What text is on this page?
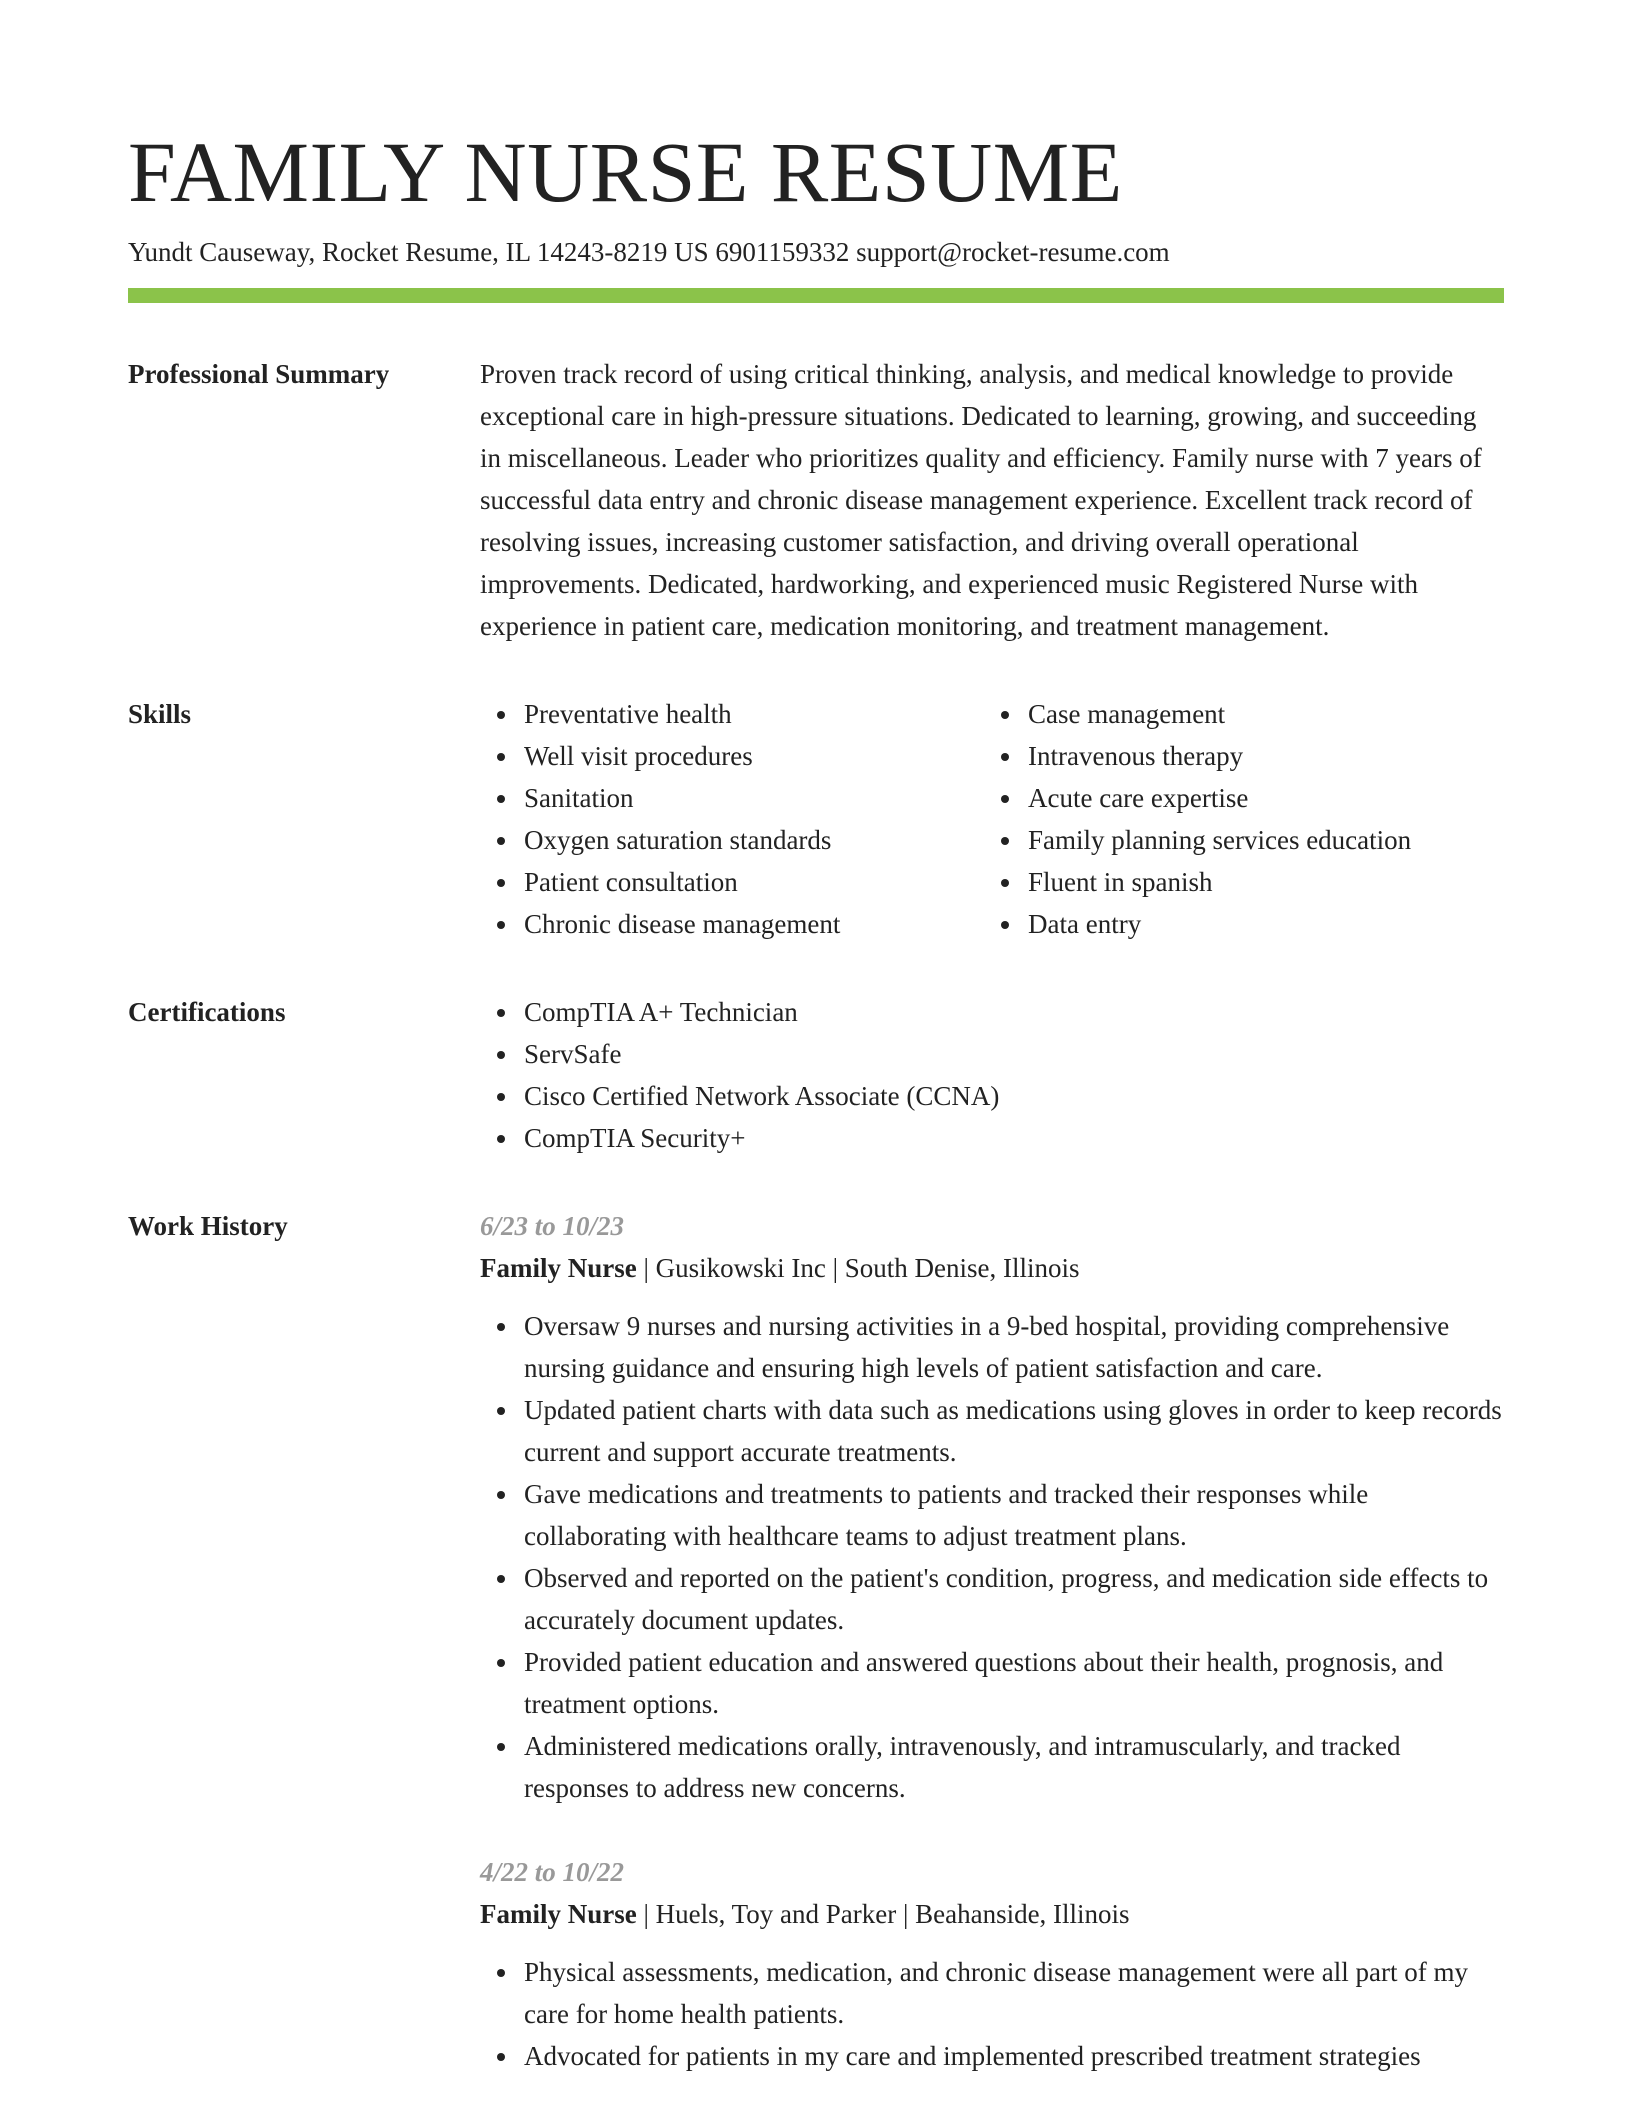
FAMILY NURSE RESUME
Yundt Causeway, Rocket Resume, IL 14243-8219 US 6901159332 support@rocket-resume.com
Professional Summary	Proven track record of using critical thinking, analysis, and medical knowledge to provide exceptional care in high-pressure situations. Dedicated to learning, growing, and succeeding in miscellaneous. Leader who prioritizes quality and efficiency. Family nurse with 7 years of successful data entry and chronic disease management experience. Excellent track record of resolving issues, increasing customer satisfaction, and driving overall operational improvements. Dedicated, hardworking, and experienced music Registered Nurse with experience in patient care, medication monitoring, and treatment management.
Skills	Preventative health
Well visit procedures
Sanitation
Oxygen saturation standards
Patient consultation
Chronic disease management
Case management
Intravenous therapy
Acute care expertise
Family planning services education
Fluent in spanish
Data entry
Certifications	CompTIA A+ Technician
ServSafe
Cisco Certified Network Associate (CCNA)
CompTIA Security+
Work History	6/23 to 10/23
Family Nurse | Gusikowski Inc | South Denise, Illinois
Oversaw 9 nurses and nursing activities in a 9-bed hospital, providing comprehensive nursing guidance and ensuring high levels of patient satisfaction and care.
Updated patient charts with data such as medications using gloves in order to keep records current and support accurate treatments.
Gave medications and treatments to patients and tracked their responses while collaborating with healthcare teams to adjust treatment plans.
Observed and reported on the patient's condition, progress, and medication side effects to accurately document updates.
Provided patient education and answered questions about their health, prognosis, and treatment options.
Administered medications orally, intravenously, and intramuscularly, and tracked responses to address new concerns.
4/22 to 10/22
Family Nurse | Huels, Toy and Parker | Beahanside, Illinois
Physical assessments, medication, and chronic disease management were all part of my care for home health patients.
Advocated for patients in my care and implemented prescribed treatment strategies
